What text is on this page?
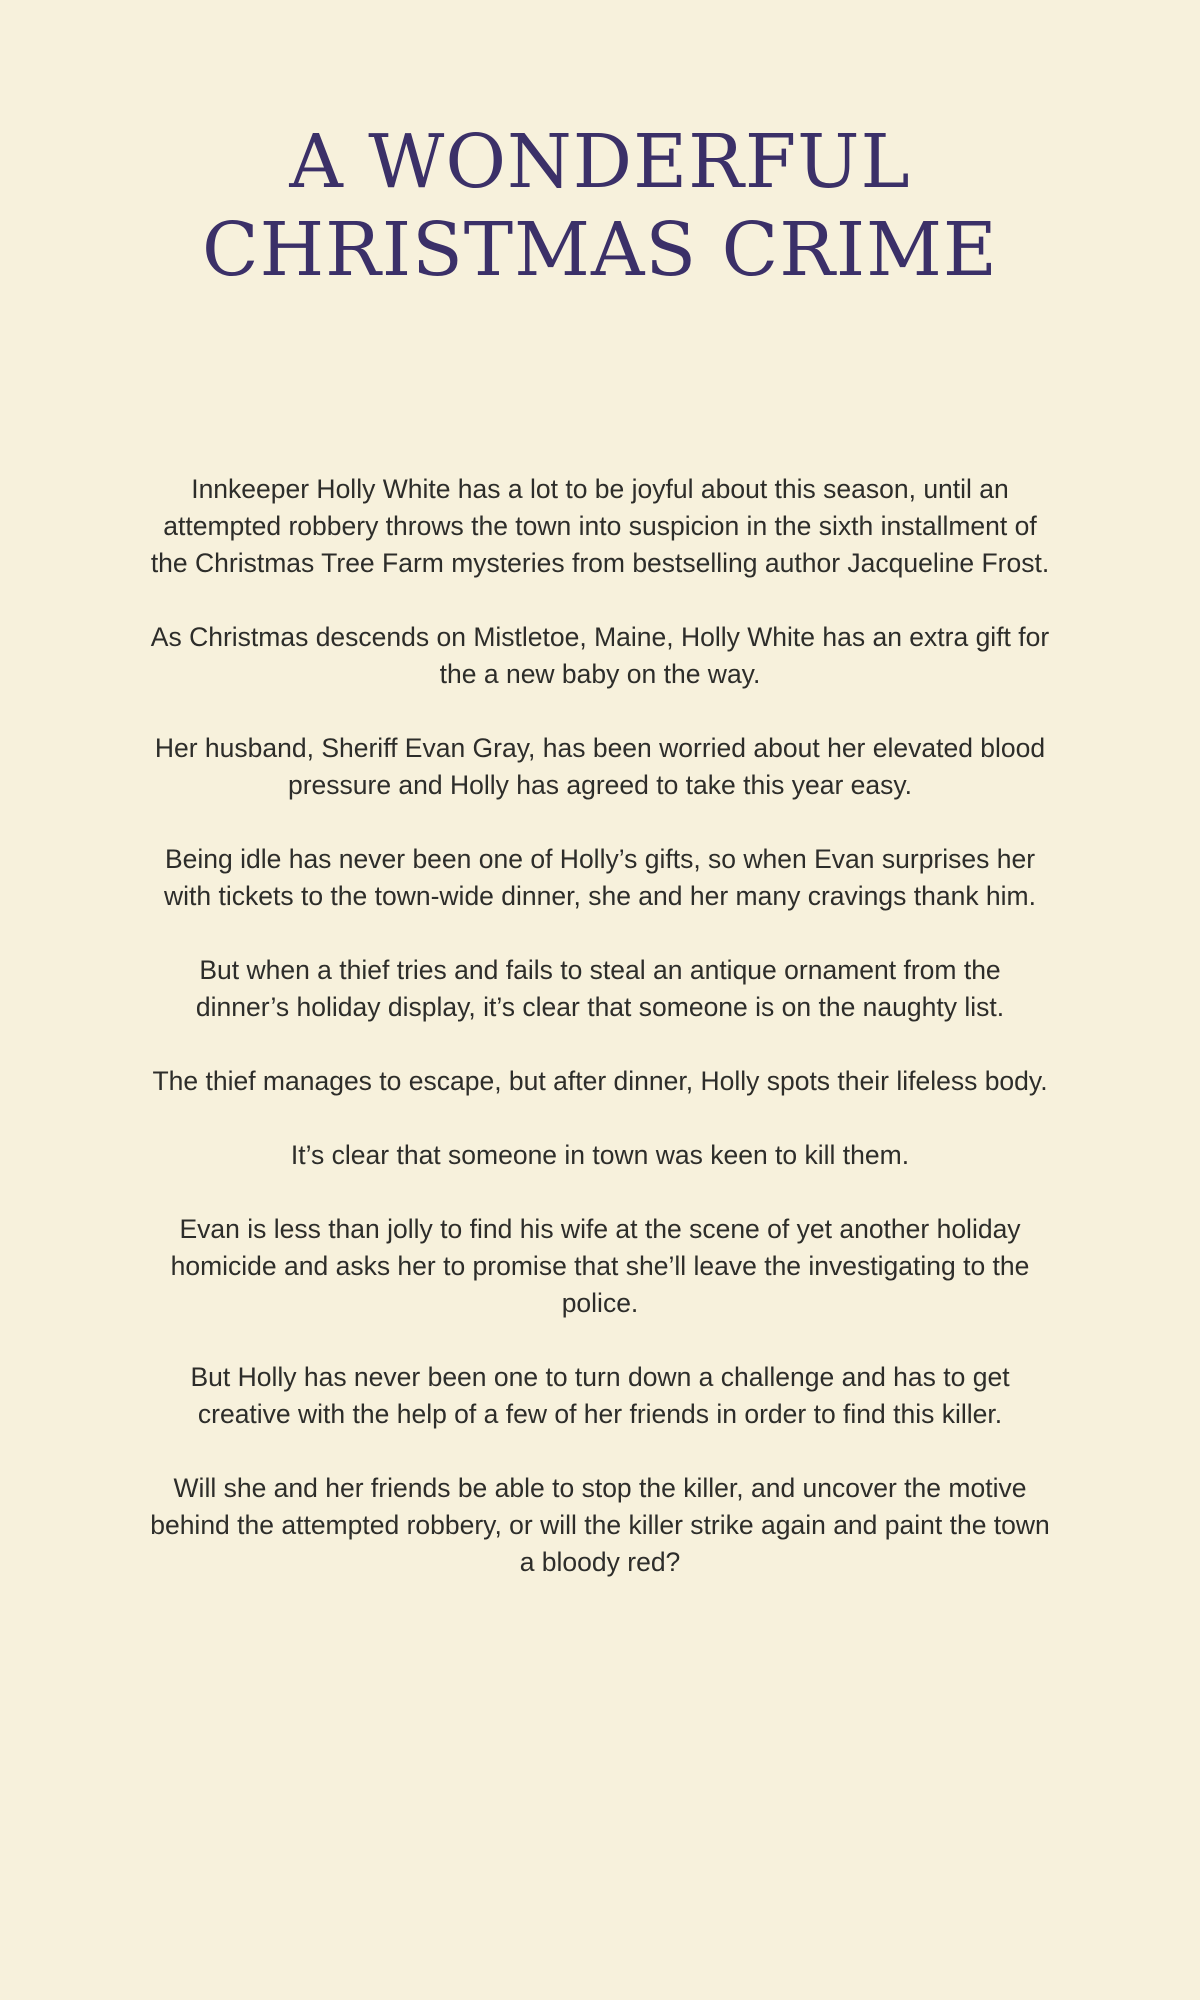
A WONDERFUL CHRISTMAS CRIME

Innkeeper Holly White has a lot to be joyful about this season, until an attempted robbery throws the town into suspicion in the sixth installment of the Christmas Tree Farm mysteries from bestselling author Jacqueline Frost.

As Christmas descends on Mistletoe, Maine, Holly White has an extra gift for the a new baby on the way.

Her husband, Sheriff Evan Gray, has been worried about her elevated blood pressure and Holly has agreed to take this year easy.

Being idle has never been one of Holly’s gifts, so when Evan surprises her with tickets to the town-wide dinner, she and her many cravings thank him.

But when a thief tries and fails to steal an antique ornament from the dinner’s holiday display, it’s clear that someone is on the naughty list.

The thief manages to escape, but after dinner, Holly spots their lifeless body.

It’s clear that someone in town was keen to kill them.

Evan is less than jolly to find his wife at the scene of yet another holiday homicide and asks her to promise that she’ll leave the investigating to the police.

But Holly has never been one to turn down a challenge and has to get creative with the help of a few of her friends in order to find this killer.

Will she and her friends be able to stop the killer, and uncover the motive behind the attempted robbery, or will the killer strike again and paint the town a bloody red?
